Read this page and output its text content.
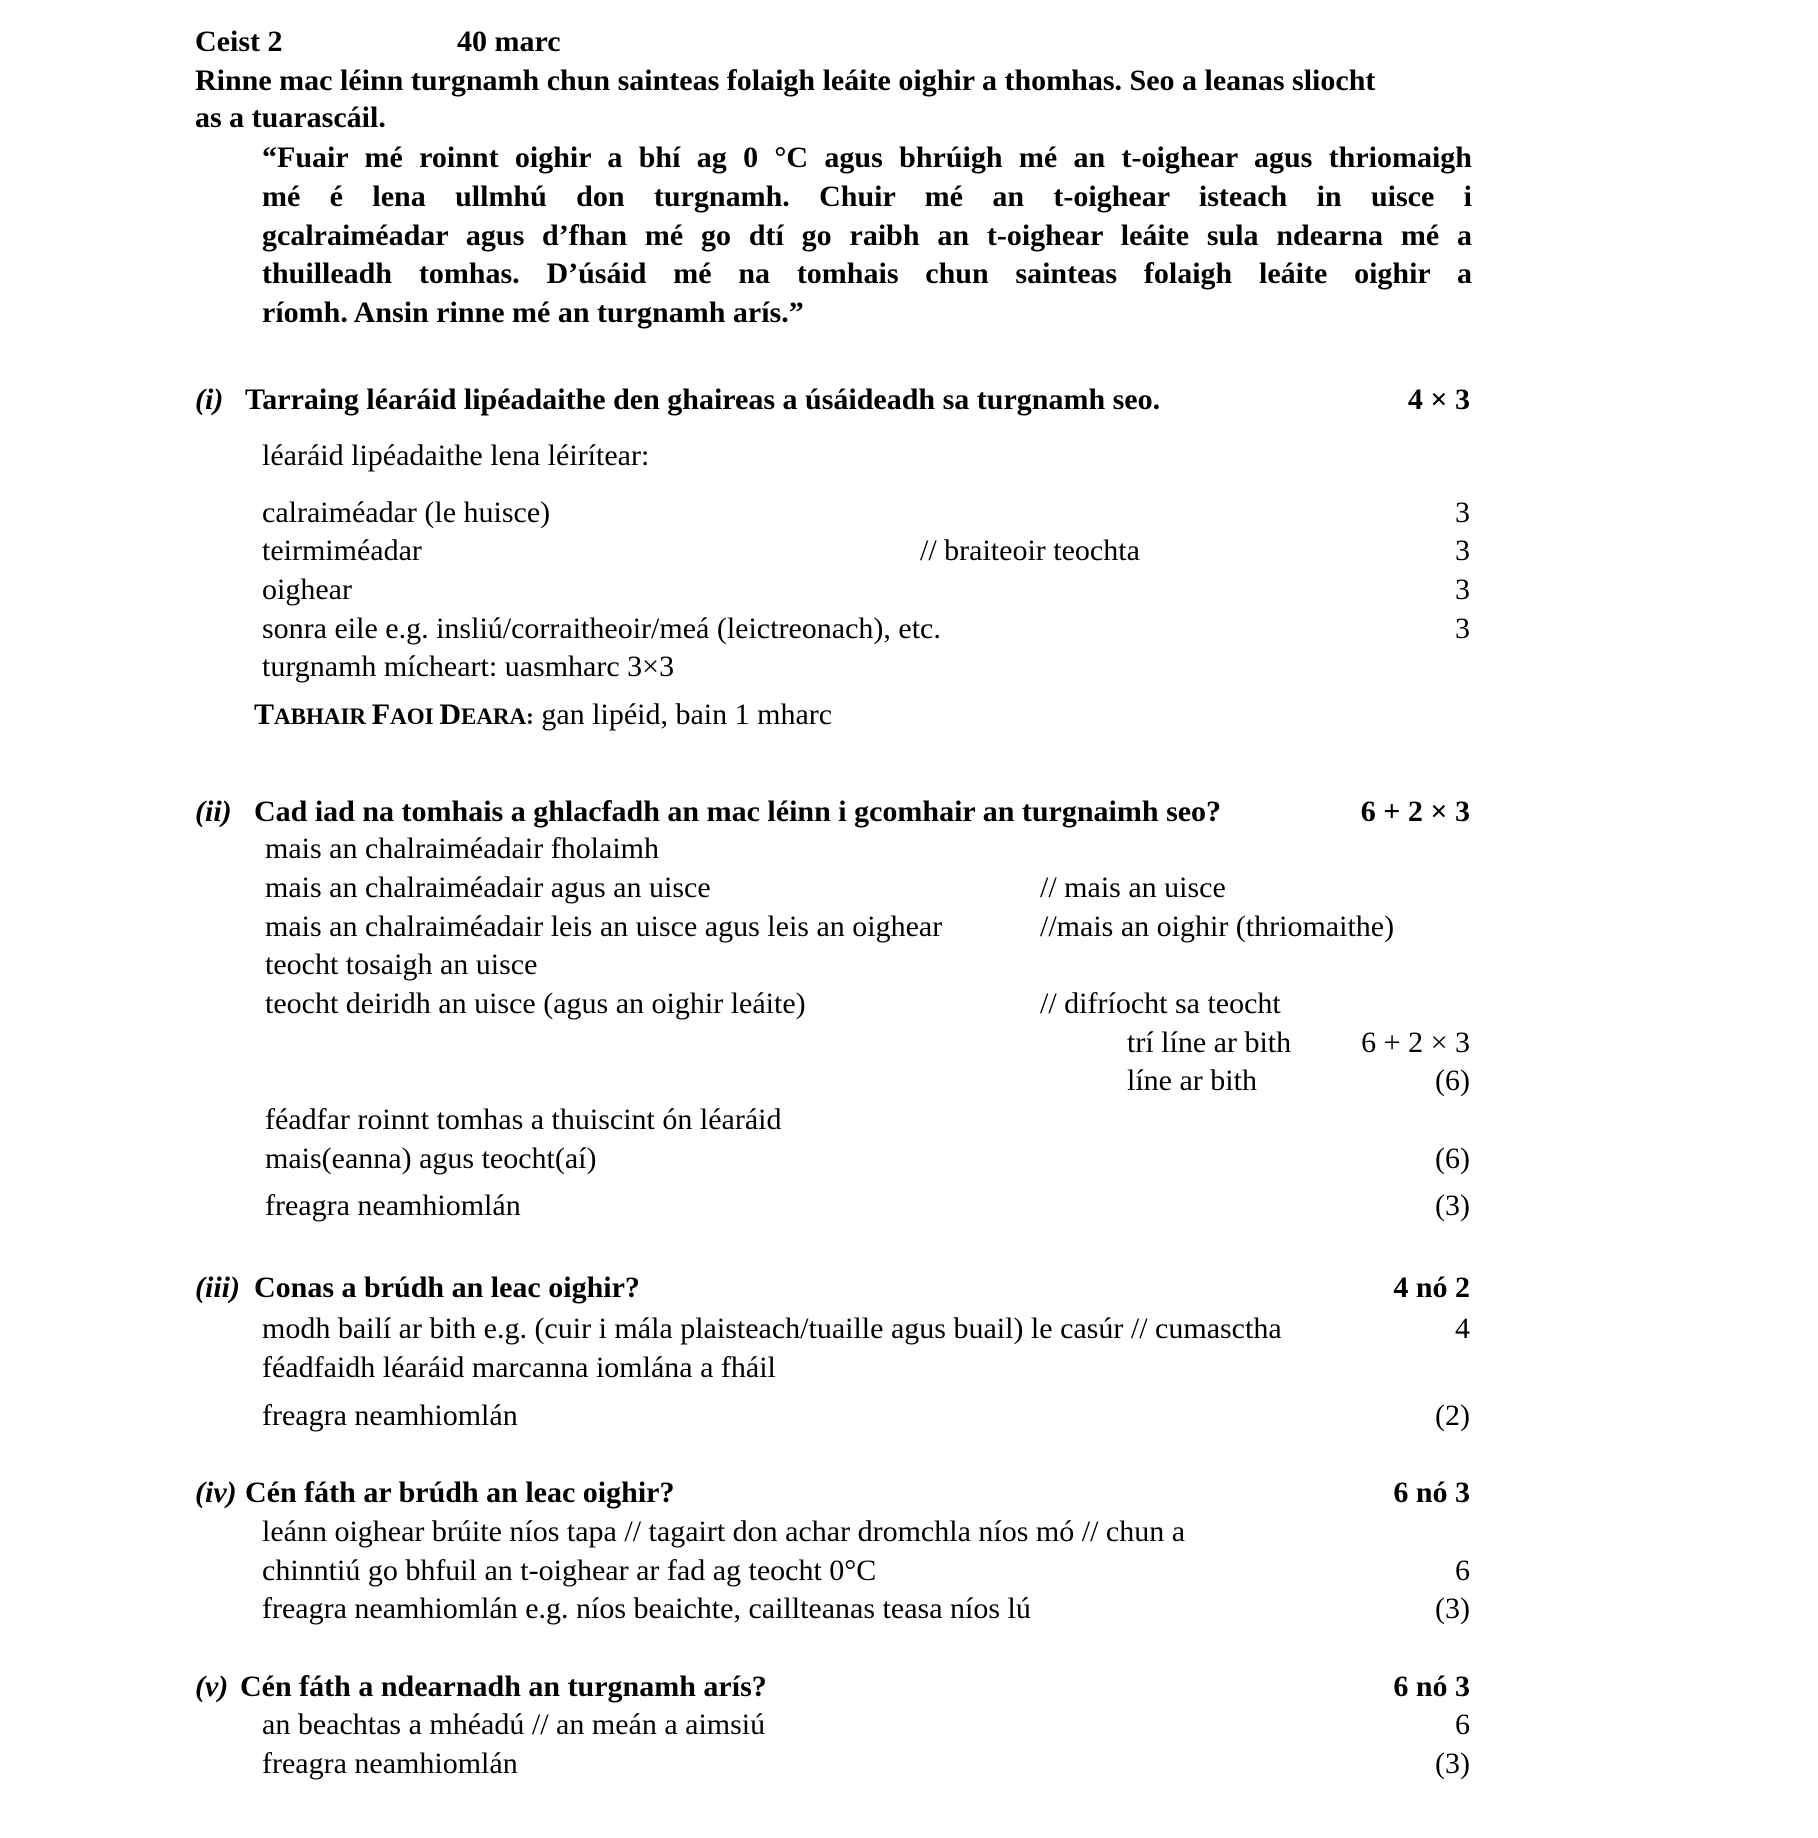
Ceist 2	40 marc
Rinne mac léinn turgnamh chun sainteas folaigh leáite oighir a thomhas. Seo a leanas sliocht
as a tuarascáil.
“Fuair mé roinnt oighir a bhí ag 0 °C agus bhrúigh mé an t-oighear agus thriomaigh
mé é lena ullmhú don turgnamh. Chuir mé an t-oighear isteach in uisce i
gcalraiméadar agus d’fhan mé go dtí go raibh an t-oighear leáite sula ndearna mé a
thuilleadh tomhas. D’úsáid mé na tomhais chun sainteas folaigh leáite oighir a
ríomh. Ansin rinne mé an turgnamh arís.”
(i) Tarraing léaráid lipéadaithe den ghaireas a úsáideadh sa turgnamh seo.	4 × 3
léaráid lipéadaithe lena léirítear:
calraiméadar (le huisce)	3
teirmiméadar	// braiteoir teochta	3
oighear	3
sonra eile e.g. insliú/corraitheoir/meá (leictreonach), etc.	3
turgnamh mícheart: uasmharc 3×3
TABHAIR FAOI DEARA: gan lipéid, bain 1 mharc
(ii) Cad iad na tomhais a ghlacfadh an mac léinn i gcomhair an turgnaimh seo?	6 + 2 × 3
mais an chalraiméadair fholaimh
mais an chalraiméadair agus an uisce	// mais an uisce
mais an chalraiméadair leis an uisce agus leis an oighear	//mais an oighir (thriomaithe)
teocht tosaigh an uisce
teocht deiridh an uisce (agus an oighir leáite)	// difríocht sa teocht
trí líne ar bith	6 + 2 × 3
líne ar bith	(6)
féadfar roinnt tomhas a thuiscint ón léaráid
mais(eanna) agus teocht(aí)	(6)
freagra neamhiomlán	(3)
(iii) Conas a brúdh an leac oighir?	4 nó 2
modh bailí ar bith e.g. (cuir i mála plaisteach/tuaille agus buail) le casúr // cumasctha	4
féadfaidh léaráid marcanna iomlána a fháil
freagra neamhiomlán	(2)
(iv) Cén fáth ar brúdh an leac oighir?	6 nó 3
leánn oighear brúite níos tapa // tagairt don achar dromchla níos mó // chun a
chinntiú go bhfuil an t-oighear ar fad ag teocht 0°C	6
freagra neamhiomlán e.g. níos beaichte, caillteanas teasa níos lú	(3)
(v) Cén fáth a ndearnadh an turgnamh arís?	6 nó 3
an beachtas a mhéadú // an meán a aimsiú	6
freagra neamhiomlán	(3)
